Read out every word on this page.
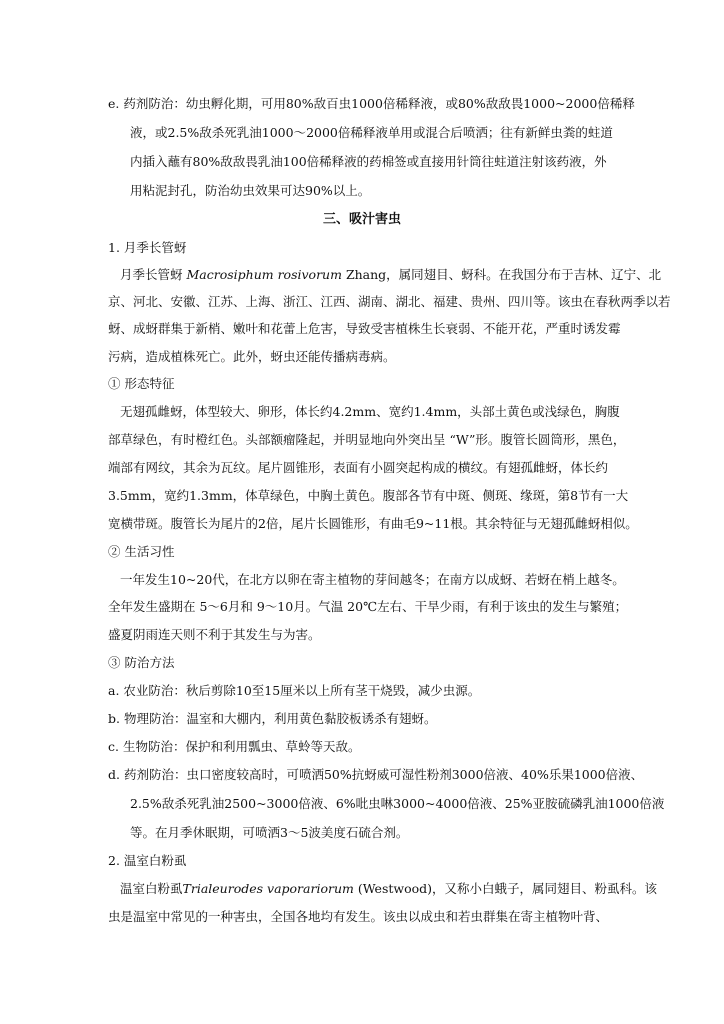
e. 药剂防治：幼虫孵化期，可用80%敌百虫1000倍稀释液，或80%敌敌畏1000~2000倍稀释
液，或2.5%敌杀死乳油1000～2000倍稀释液单用或混合后喷洒；往有新鲜虫粪的蛀道
内插入蘸有80%敌敌畏乳油100倍稀释液的药棉签或直接用针筒往蛀道注射该药液，外
用粘泥封孔，防治幼虫效果可达90%以上。
三、吸汁害虫
1. 月季长管蚜
月季长管蚜 Macrosiphum rosivorum Zhang，属同翅目、蚜科。在我国分布于吉林、辽宁、北
京、河北、安徽、江苏、上海、浙江、江西、湖南、湖北、福建、贵州、四川等。该虫在春秋两季以若
蚜、成蚜群集于新梢、嫩叶和花蕾上危害，导致受害植株生长衰弱、不能开花，严重时诱发霉
污病，造成植株死亡。此外，蚜虫还能传播病毒病。
① 形态特征
无翅孤雌蚜，体型较大、卵形，体长约4.2mm、宽约1.4mm，头部土黄色或浅绿色，胸腹
部草绿色，有时橙红色。头部额瘤隆起，并明显地向外突出呈 “W”形。腹管长圆筒形，黑色，
端部有网纹，其余为瓦纹。尾片圆锥形，表面有小圆突起构成的横纹。有翅孤雌蚜，体长约
3.5mm，宽约1.3mm，体草绿色，中胸土黄色。腹部各节有中斑、侧斑、缘斑，第8节有一大
宽横带斑。腹管长为尾片的2倍，尾片长圆锥形，有曲毛9~11根。其余特征与无翅孤雌蚜相似。
② 生活习性
一年发生10~20代，在北方以卵在寄主植物的芽间越冬；在南方以成蚜、若蚜在梢上越冬。
全年发生盛期在 5～6月和 9～10月。气温 20℃左右、干旱少雨，有利于该虫的发生与繁殖；
盛夏阴雨连天则不利于其发生与为害。
③ 防治方法
a. 农业防治：秋后剪除10至15厘米以上所有茎干烧毁，减少虫源。
b. 物理防治：温室和大棚内，利用黄色黏胶板诱杀有翅蚜。
c. 生物防治：保护和利用瓢虫、草蛉等天敌。
d. 药剂防治：虫口密度较高时，可喷洒50%抗蚜威可湿性粉剂3000倍液、40%乐果1000倍液、
2.5%敌杀死乳油2500~3000倍液、6%吡虫啉3000~4000倍液、25%亚胺硫磷乳油1000倍液
等。在月季休眠期，可喷洒3～5波美度石硫合剂。
2. 温室白粉虱
温室白粉虱Trialeurodes vaporariorum (Westwood)，又称小白蛾子，属同翅目、粉虱科。该
虫是温室中常见的一种害虫，全国各地均有发生。该虫以成虫和若虫群集在寄主植物叶背、
